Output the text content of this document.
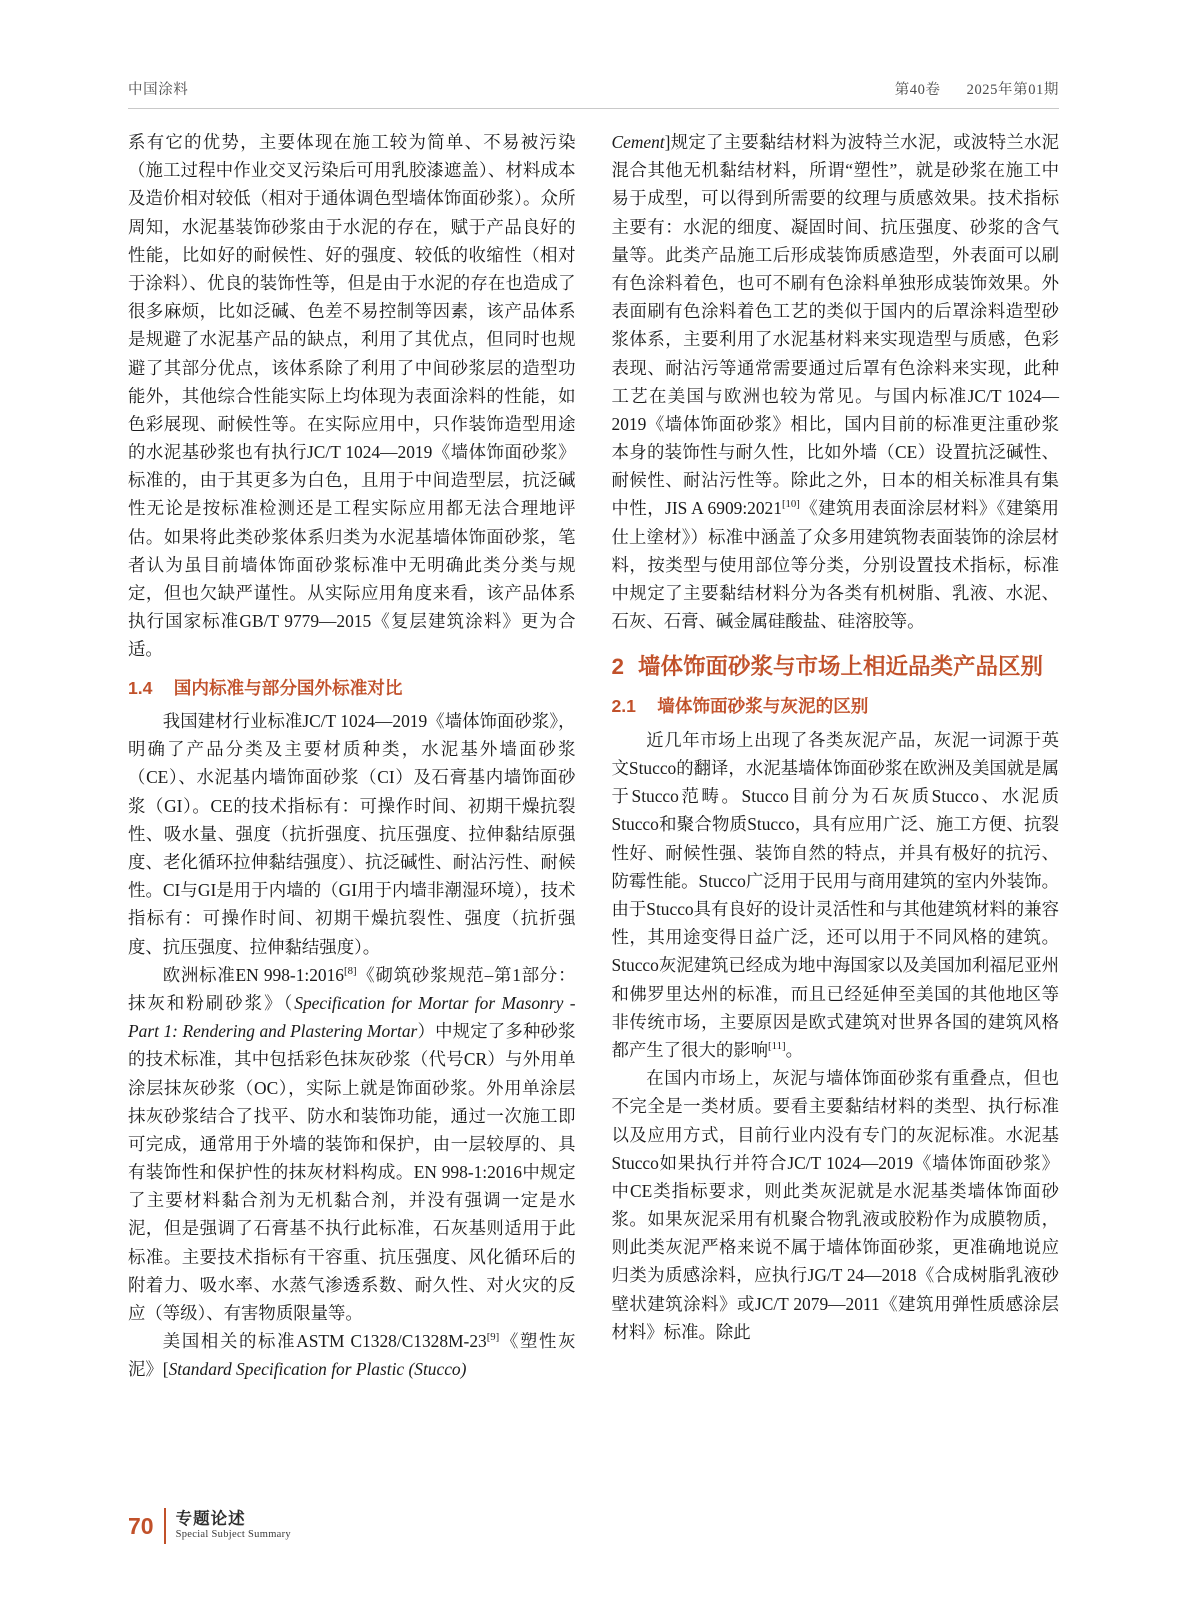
中国涂料	第40卷 2025年第01期

系有它的优势，主要体现在施工较为简单、不易被污染（施工过程中作业交叉污染后可用乳胶漆遮盖）、材料成本及造价相对较低（相对于通体调色型墙体饰面砂浆）。众所周知，水泥基装饰砂浆由于水泥的存在，赋于产品良好的性能，比如好的耐候性、好的强度、较低的收缩性（相对于涂料）、优良的装饰性等，但是由于水泥的存在也造成了很多麻烦，比如泛碱、色差不易控制等因素，该产品体系是规避了水泥基产品的缺点，利用了其优点，但同时也规避了其部分优点，该体系除了利用了中间砂浆层的造型功能外，其他综合性能实际上均体现为表面涂料的性能，如色彩展现、耐候性等。在实际应用中，只作装饰造型用途的水泥基砂浆也有执行JC/T 1024—2019《墙体饰面砂浆》标准的，由于其更多为白色，且用于中间造型层，抗泛碱性无论是按标准检测还是工程实际应用都无法合理地评估。如果将此类砂浆体系归类为水泥基墙体饰面砂浆，笔者认为虽目前墙体饰面砂浆标准中无明确此类分类与规定，但也欠缺严谨性。从实际应用角度来看，该产品体系执行国家标准GB/T 9779—2015《复层建筑涂料》更为合适。

1.4 国内标准与部分国外标准对比

我国建材行业标准JC/T 1024—2019《墙体饰面砂浆》，明确了产品分类及主要材质种类，水泥基外墙面砂浆（CE）、水泥基内墙饰面砂浆（CI）及石膏基内墙饰面砂浆（GI）。CE的技术指标有：可操作时间、初期干燥抗裂性、吸水量、强度（抗折强度、抗压强度、拉伸黏结原强度、老化循环拉伸黏结强度）、抗泛碱性、耐沾污性、耐候性。CI与GI是用于内墙的（GI用于内墙非潮湿环境），技术指标有：可操作时间、初期干燥抗裂性、强度（抗折强度、抗压强度、拉伸黏结强度）。

欧洲标准EN 998-1:2016[8]《砌筑砂浆规范–第1部分：抹灰和粉刷砂浆》（Specification for Mortar for Masonry - Part 1: Rendering and Plastering Mortar）中规定了多种砂浆的技术标准，其中包括彩色抹灰砂浆（代号CR）与外用单涂层抹灰砂浆（OC），实际上就是饰面砂浆。外用单涂层抹灰砂浆结合了找平、防水和装饰功能，通过一次施工即可完成，通常用于外墙的装饰和保护，由一层较厚的、具有装饰性和保护性的抹灰材料构成。EN 998-1:2016中规定了主要材料黏合剂为无机黏合剂，并没有强调一定是水泥，但是强调了石膏基不执行此标准，石灰基则适用于此标准。主要技术指标有干容重、抗压强度、风化循环后的附着力、吸水率、水蒸气渗透系数、耐久性、对火灾的反应（等级）、有害物质限量等。

美国相关的标准ASTM C1328/C1328M-23[9]《塑性灰泥》[Standard Specification for Plastic (Stucco)

Cement]规定了主要黏结材料为波特兰水泥，或波特兰水泥混合其他无机黏结材料，所谓“塑性”，就是砂浆在施工中易于成型，可以得到所需要的纹理与质感效果。技术指标主要有：水泥的细度、凝固时间、抗压强度、砂浆的含气量等。此类产品施工后形成装饰质感造型，外表面可以刷有色涂料着色，也可不刷有色涂料单独形成装饰效果。外表面刷有色涂料着色工艺的类似于国内的后罩涂料造型砂浆体系，主要利用了水泥基材料来实现造型与质感，色彩表现、耐沾污等通常需要通过后罩有色涂料来实现，此种工艺在美国与欧洲也较为常见。与国内标准JC/T 1024—2019《墙体饰面砂浆》相比，国内目前的标准更注重砂浆本身的装饰性与耐久性，比如外墙（CE）设置抗泛碱性、耐候性、耐沾污性等。除此之外，日本的相关标准具有集中性，JIS A 6909:2021[10]《建筑用表面涂层材料》《建築用仕上塗材》）标准中涵盖了众多用建筑物表面装饰的涂层材料，按类型与使用部位等分类，分别设置技术指标，标准中规定了主要黏结材料分为各类有机树脂、乳液、水泥、石灰、石膏、碱金属硅酸盐、硅溶胶等。

2 墙体饰面砂浆与市场上相近品类产品区别
2.1 墙体饰面砂浆与灰泥的区别

近几年市场上出现了各类灰泥产品，灰泥一词源于英文Stucco的翻译，水泥基墙体饰面砂浆在欧洲及美国就是属于Stucco范畴。Stucco目前分为石灰质Stucco、水泥质Stucco和聚合物质Stucco，具有应用广泛、施工方便、抗裂性好、耐候性强、装饰自然的特点，并具有极好的抗污、防霉性能。Stucco广泛用于民用与商用建筑的室内外装饰。由于Stucco具有良好的设计灵活性和与其他建筑材料的兼容性，其用途变得日益广泛，还可以用于不同风格的建筑。Stucco灰泥建筑已经成为地中海国家以及美国加利福尼亚州和佛罗里达州的标准，而且已经延伸至美国的其他地区等非传统市场，主要原因是欧式建筑对世界各国的建筑风格都产生了很大的影响[11]。

在国内市场上，灰泥与墙体饰面砂浆有重叠点，但也不完全是一类材质。要看主要黏结材料的类型、执行标准以及应用方式，目前行业内没有专门的灰泥标准。水泥基Stucco如果执行并符合JC/T 1024—2019《墙体饰面砂浆》中CE类指标要求，则此类灰泥就是水泥基类墙体饰面砂浆。如果灰泥采用有机聚合物乳液或胶粉作为成膜物质，则此类灰泥严格来说不属于墙体饰面砂浆，更准确地说应归类为质感涂料，应执行JG/T 24—2018《合成树脂乳液砂壁状建筑涂料》或JC/T 2079—2011《建筑用弹性质感涂层材料》标准。除此

70 专题论述
Special Subject Summary
